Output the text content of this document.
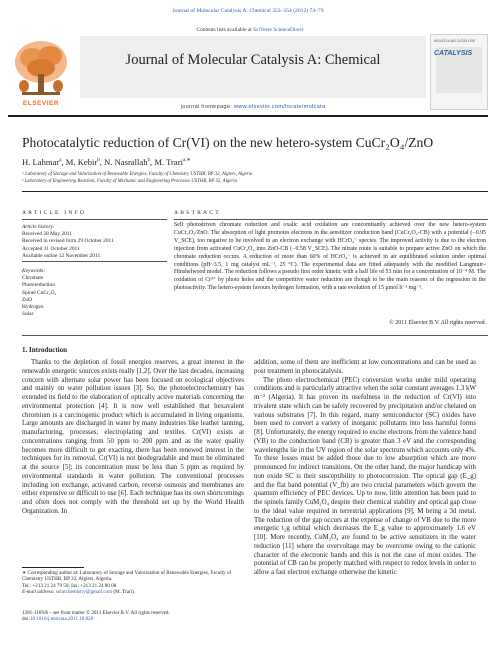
Journal of Molecular Catalysis A: Chemical 353–354 (2012) 74–79
Contents lists available at SciVerse ScienceDirect
ELSEVIER
Journal of Molecular Catalysis A: Chemical
journal homepage: www.elsevier.com/locate/molcata
MOLECULAR CATALYSIS
CATALYSIS
Photocatalytic reduction of Cr(VI) on the new hetero-system CuCr₂O₄/ZnO
H. Lahmar$^a$, M. Kebir$^b$, N. Nasrallah$^b$, M. Trari$^{a,∗}$
ᵃ Laboratory of Storage and Valorization of Renewable Energies, Faculty of Chemistry USTHB, BP 32, Algiers, Algeria
ᵇ Laboratory of Engineering Reaction, Faculty of Mechanic and Engineering Processes USTHB, BP 32, Algeria
ARTICLE INFO	ABSTRACT
Article history:
Received 28 May 2011
Received in revised form 29 October 2011
Accepted 31 October 2011
Available online 12 November 2011
Keywords:
Chromate
Photoreduction
Spinel CuCr₂O₄
ZnO
Hydrogen
Solar
Self photodriven chromate reduction and oxalic acid oxidation are concomitantly achieved over the new hetero-system CuCr₂O₄/ZnO. The absorption of light promotes electrons in the sensitizer conduction band (CuCr₂O₄-CB) with a potential (−0.95 V_SCE), too negative to be involved in an electron exchange with HCrO₄⁻ species. The improved activity is due to the electron injection from activated CuCr₂O₄ into ZnO-CB (−0.58 V_SCE). The nitrate route is suitable to prepare active ZnO on which the chromate reduction occurs. A reduction of more than 60% of HCrO₄⁻ is achieved in air equilibrated solution under optimal conditions (pH~3.5, 1 mg catalyst mL⁻¹, 25 °C). The experimental data are fitted adequately with the modified Langmuir–Hinshelwood model. The reduction follows a pseudo first order kinetic with a half life of 53 min for a concentration of 10⁻⁴ M. The oxidation of Cr³⁺ by photo holes and the competitive water reduction are though to be the main reasons of the regression in the photoactivity. The hetero-system favours hydrogen formation, with a rate evolution of 15 μmol h⁻¹ mg⁻¹.
© 2011 Elsevier B.V. All rights reserved.
1. Introduction

Thanks to the depletion of fossil energies reserves, a great interest in the renewable energetic sources exists really [1,2]. Over the last decades, increasing concern with alternate solar power has been focused on ecological objectives and mainly on water pollution issues [3]. So, the photoelectrochemistry has extended its field to the elaboration of optically active materials concerning the environmental protection [4]. It is now well established that hexavalent chromium is a carcinogenic product which is accumulated in living organisms. Large amounts are discharged in water by many industries like leather tanning, manufacturing, processes, electroplating and textiles. Cr(VI) exists at concentrations ranging from 50 ppm to 200 ppm and as the water quality becomes more difficult to get exacting, there has been renewed interest in the techniques for its removal. Cr(VI) is not biodegradable and must be eliminated at the source [5]; its concentration must be less than 5 ppm as required by environmental standards in water pollution. The conventional processes including ion exchange, activated carbon, reverse osmosis and membranes are either expensive or difficult to use [6]. Each technique has its own shortcomings and often does not comply with the threshold set up by the World Health Organization. In

addition, some of them are inefficient at low concentrations and can be used as post treatment in photocatalysis.

The photo electrochemical (PEC) conversion works under mild operating conditions and is particularly attractive when the solar constant averages 1.3 kW m⁻² (Algeria). It has proven its usefulness in the reduction of Cr(VI) into trivalent state which can be safely recovered by precipitation and/or chelated on various substrates [7]. In this regard, many semiconductor (SC) oxides have been used to convert a variety of inorganic pollutants into less harmful forms [8]. Unfortunately, the energy required to excite electrons from the valence band (VB) to the conduction band (CB) is greater than 3 eV and the corresponding wavelengths lie in the UV region of the solar spectrum which accounts only 4%. To these losses must be added those due to low absorption which are more pronounced for indirect transitions. On the other hand, the major handicap with non oxide SC is their susceptibility to photocorrosion. The optical gap (E_g) and the flat band potential (V_fb) are two crucial parameters which govern the quantum efficiency of PEC devices. Up to now, little attention has been paid to the spinels family CuM₂O₄ despite their chemical stability and optical gap close to the ideal value required in terrestrial applications [9], M being a 3d metal. The reduction of the gap occurs at the expense of change of VB due to the more energetic t₂g orbital which decreases the E_g value to approximately 1.6 eV [10]. More recently, CuM₂O₄ are found to be active sensitizers in the water reduction [11] where the overvoltage may be overcome owing to the cationic character of the electronic bands and this is not the case of most oxides. The potential of CB can be properly matched with respect to redox levels in order to allow a fast electron exchange otherwise the kinetic

∗ Corresponding author at: Laboratory of Storage and Valorization of Renewable Energies, Faculty of Chemistry USTHB, BP 32, Algiers, Algeria.
Tel.: +213 21 24 79 50; fax: +213 21 24 80 08.
E-mail address: solarchemistry@gmail.com (M. Trari).
1381-1169/$ – see front matter © 2011 Elsevier B.V. All rights reserved.
doi:10.1016/j.molcata.2011.10.026
